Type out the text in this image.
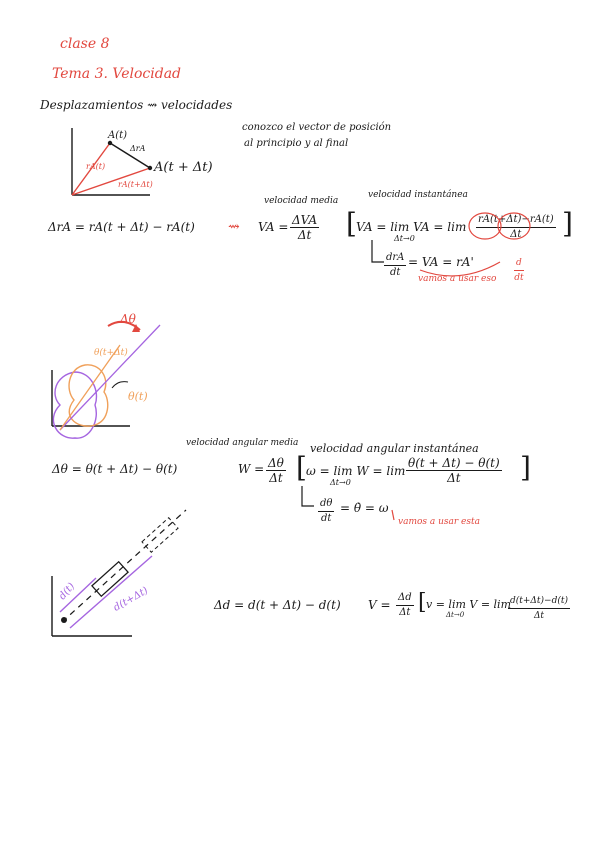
clase 8
Tema 3. Velocidad
Desplazamientos ⇝ velocidades
conozco el vector de posición
al principio y al final
A(t)
A(t + Δt)
ΔrA
rA(t)
rA(t+Δt)
ΔrA = rA(t + Δt) − rA(t) ⇝
velocidad media
VA = ΔVA
Δt
velocidad instantánea
[ VA = lim VA = lim
Δt→0	$\frac{rA(t+\Delta t)-rA(t)}{\Delta t}$ ]
drA
dt
= VA = rA'
vamos a usar eso $\frac{d}{dt}$
Δθ
θ(t+Δt)
θ(t)
velocidad angular media
Δθ = θ(t + Δt) − θ(t)	$W = \frac{\Delta\theta}{\Delta t}$
velocidad angular instantánea
[ ω = lim W = lim
Δt→0	$\frac{\theta(t + \Delta t) - \theta(t)}{\Delta t}$ ]
$\frac{d\theta}{dt}$ = θ̇ = ω
vamos a usar esta
d(t)	d(t+Δt)	Δd = d(t + Δt) − d(t) $V = \frac{\Delta d}{\Delta t}$ [ v = lim V = lim
Δt→0	$\frac{d(t+\Delta t)-d(t)}{\Delta t}$
